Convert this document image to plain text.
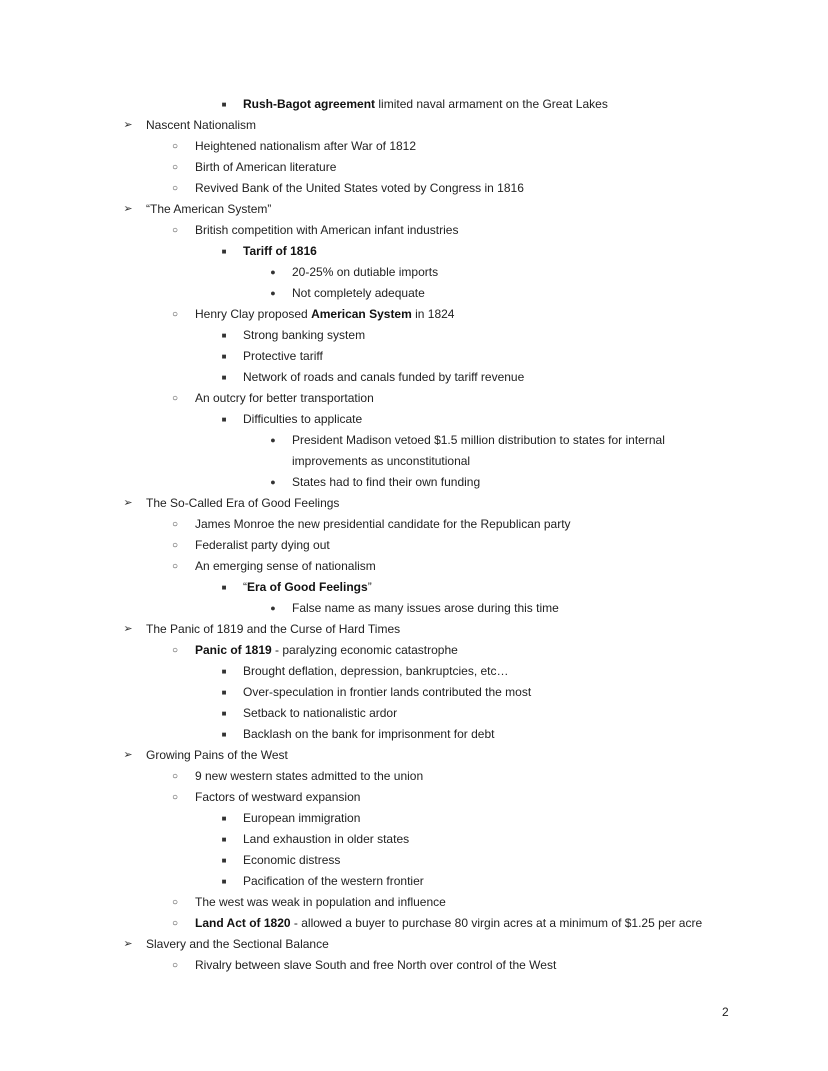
■	Rush-Bagot agreement limited naval armament on the Great Lakes
➢ Nascent Nationalism
○	Heightened nationalism after War of 1812
○	Birth of American literature
○	Revived Bank of the United States voted by Congress in 1816
➢ “The American System”
○	British competition with American infant industries
■	Tariff of 1816
●	20-25% on dutiable imports
●	Not completely adequate
○	Henry Clay proposed American System in 1824
■	Strong banking system
■	Protective tariff
■	Network of roads and canals funded by tariff revenue
○	An outcry for better transportation
■	Difficulties to applicate
●	President Madison vetoed $1.5 million distribution to states for internal
improvements as unconstitutional
●	States had to find their own funding
➢ The So-Called Era of Good Feelings
○	James Monroe the new presidential candidate for the Republican party
○	Federalist party dying out
○	An emerging sense of nationalism
■	“Era of Good Feelings”
●	False name as many issues arose during this time
➢ The Panic of 1819 and the Curse of Hard Times
○	Panic of 1819 - paralyzing economic catastrophe
■	Brought deflation, depression, bankruptcies, etc…
■	Over-speculation in frontier lands contributed the most
■	Setback to nationalistic ardor
■	Backlash on the bank for imprisonment for debt
➢ Growing Pains of the West
○	9 new western states admitted to the union
○	Factors of westward expansion
■	European immigration
■	Land exhaustion in older states
■	Economic distress
■	Pacification of the western frontier
○	The west was weak in population and influence
○	Land Act of 1820 - allowed a buyer to purchase 80 virgin acres at a minimum of $1.25 per acre
➢ Slavery and the Sectional Balance
○	Rivalry between slave South and free North over control of the West
2
